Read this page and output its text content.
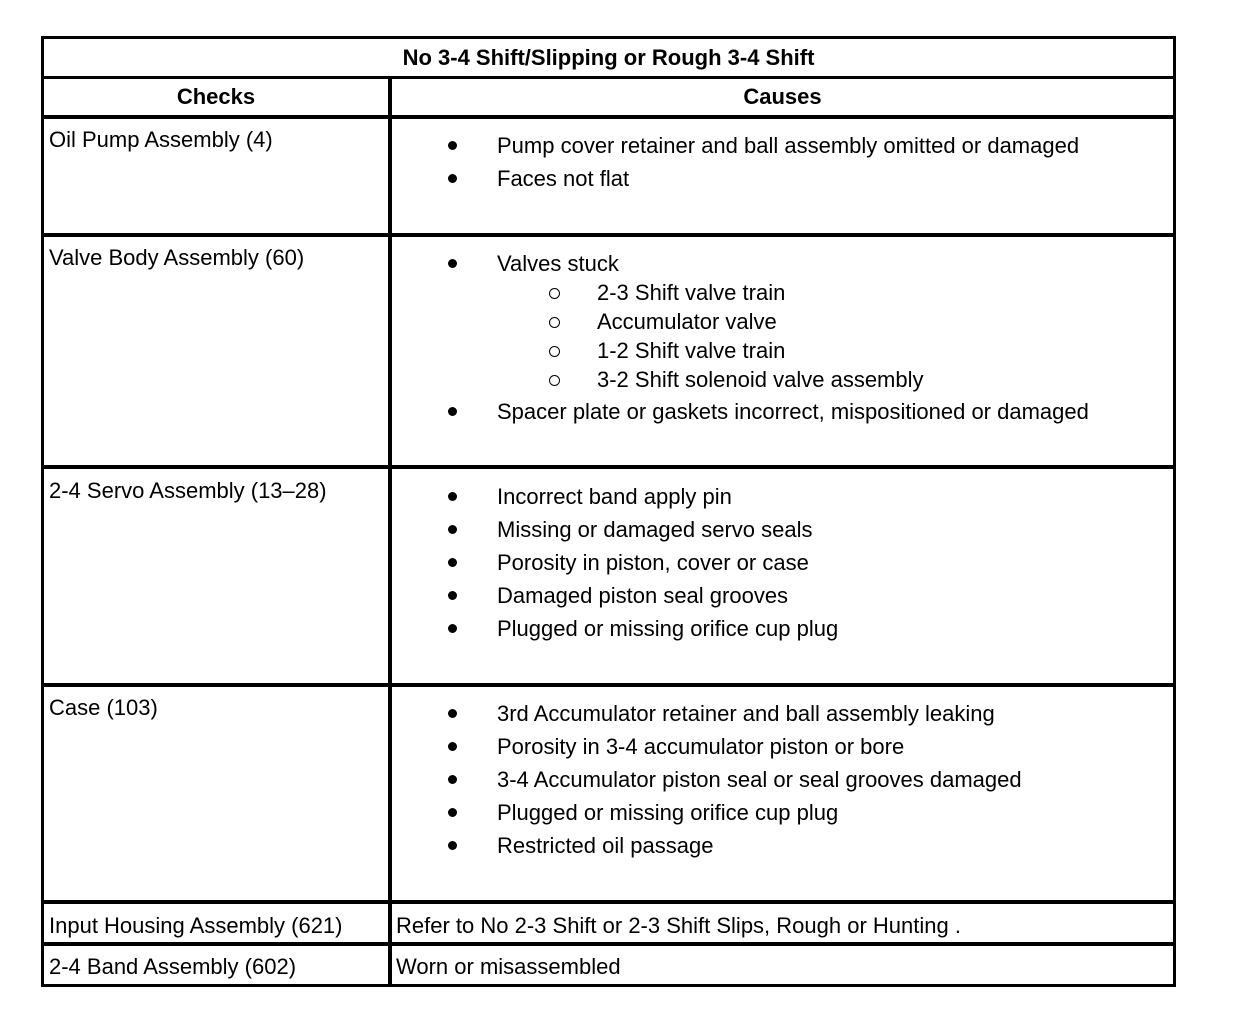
No 3-4 Shift/Slipping or Rough 3-4 Shift
Checks	Causes
Oil Pump Assembly (4)	Pump cover retainer and ball assembly omitted or damaged
Faces not flat
Valve Body Assembly (60)	Valves stuck
2-3 Shift valve train
Accumulator valve
1-2 Shift valve train
3-2 Shift solenoid valve assembly
Spacer plate or gaskets incorrect, mispositioned or damaged
2-4 Servo Assembly (13–28)	Incorrect band apply pin
Missing or damaged servo seals
Porosity in piston, cover or case
Damaged piston seal grooves
Plugged or missing orifice cup plug
Case (103)	3rd Accumulator retainer and ball assembly leaking
Porosity in 3-4 accumulator piston or bore
3-4 Accumulator piston seal or seal grooves damaged
Plugged or missing orifice cup plug
Restricted oil passage
Input Housing Assembly (621) Refer to No 2-3 Shift or 2-3 Shift Slips, Rough or Hunting .
2-4 Band Assembly (602)	Worn or misassembled
